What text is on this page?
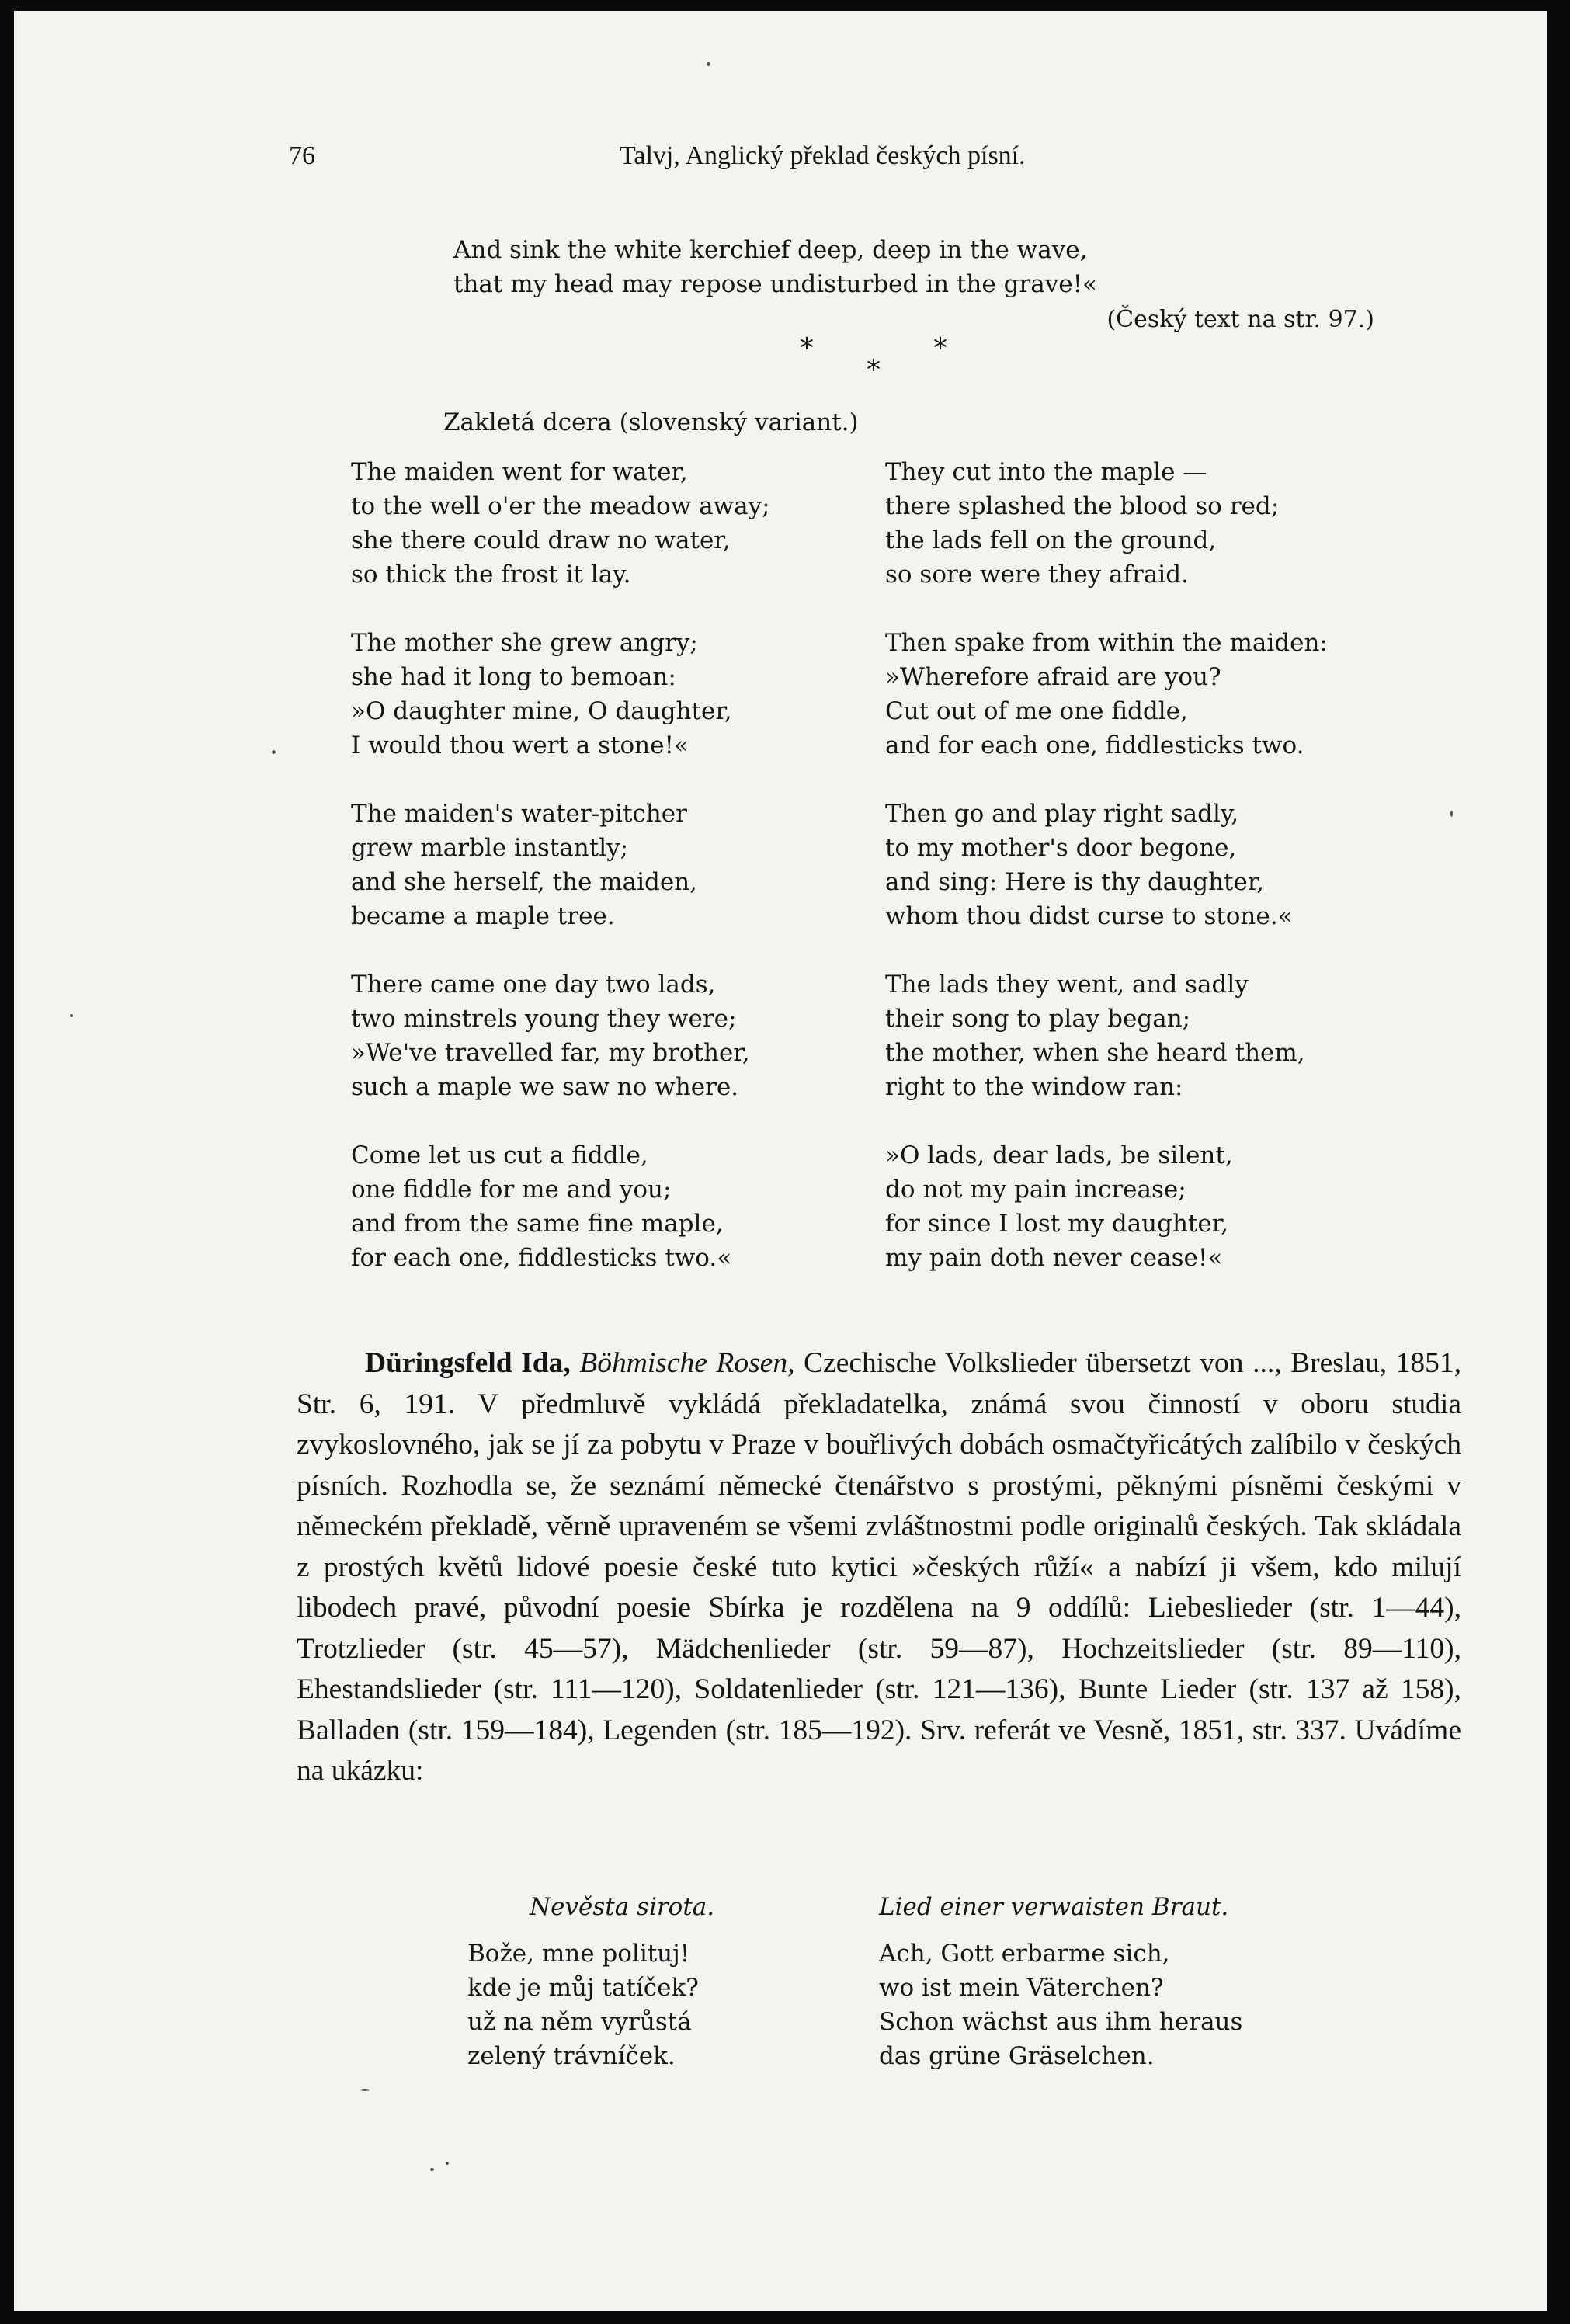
76	Talvj, Anglický překlad českých písní.
And sink the white kerchief deep, deep in the wave,
that my head may repose undisturbed in the grave!«
(Český text na str. 97.)
*
*
*
Zakletá dcera (slovenský variant.)
The maiden went for water,
to the well o'er the meadow away;
she there could draw no water,
so thick the frost it lay.
The mother she grew angry;
she had it long to bemoan:
»O daughter mine, O daughter,
I would thou wert a stone!«
The maiden's water-pitcher
grew marble instantly;
and she herself, the maiden,
became a maple tree.
There came one day two lads,
two minstrels young they were;
»We've travelled far, my brother,
such a maple we saw no where.
Come let us cut a fiddle,
one fiddle for me and you;
and from the same fine maple,
for each one, fiddlesticks two.«
They cut into the maple —
there splashed the blood so red;
the lads fell on the ground,
so sore were they afraid.
Then spake from within the maiden:
»Wherefore afraid are you?
Cut out of me one fiddle,
and for each one, fiddlesticks two.
Then go and play right sadly,
to my mother's door begone,
and sing: Here is thy daughter,
whom thou didst curse to stone.«
The lads they went, and sadly
their song to play began;
the mother, when she heard them,
right to the window ran:
»O lads, dear lads, be silent,
do not my pain increase;
for since I lost my daughter,
my pain doth never cease!«
Düringsfeld Ida, Böhmische Rosen, Czechische Volkslieder übersetzt von ..., Breslau, 1851, Str. 6, 191. V předmluvě vykládá překladatelka, známá svou činností v oboru studia zvykoslovného, jak se jí za pobytu v Praze v bouřlivých dobách osmačtyřicátých zalíbilo v českých písních. Rozhodla se, že seznámí německé čtenářstvo s prostými, pěknými písněmi českými v německém překladě, věrně upraveném se všemi zvláštnostmi podle originalů českých. Tak skládala z prostých květů lidové poesie české tuto kytici »českých růží« a nabízí ji všem, kdo milují libodech pravé, původní poesie Sbírka je rozdělena na 9 oddílů: Liebeslieder (str. 1—44), Trotzlieder (str. 45—57), Mädchenlieder (str. 59—87), Hochzeitslieder (str. 89—110), Ehestandslieder (str. 111—120), Soldatenlieder (str. 121—136), Bunte Lieder (str. 137 až 158), Balladen (str. 159—184), Legenden (str. 185—192). Srv. referát ve Vesně, 1851, str. 337. Uvádíme na ukázku:
Nevěsta sirota.
Bože, mne polituj!
kde je můj tatíček?
už na něm vyrůstá
zelený trávníček.
Lied einer verwaisten Braut.
Ach, Gott erbarme sich,
wo ist mein Väterchen?
Schon wächst aus ihm heraus
das grüne Gräselchen.
